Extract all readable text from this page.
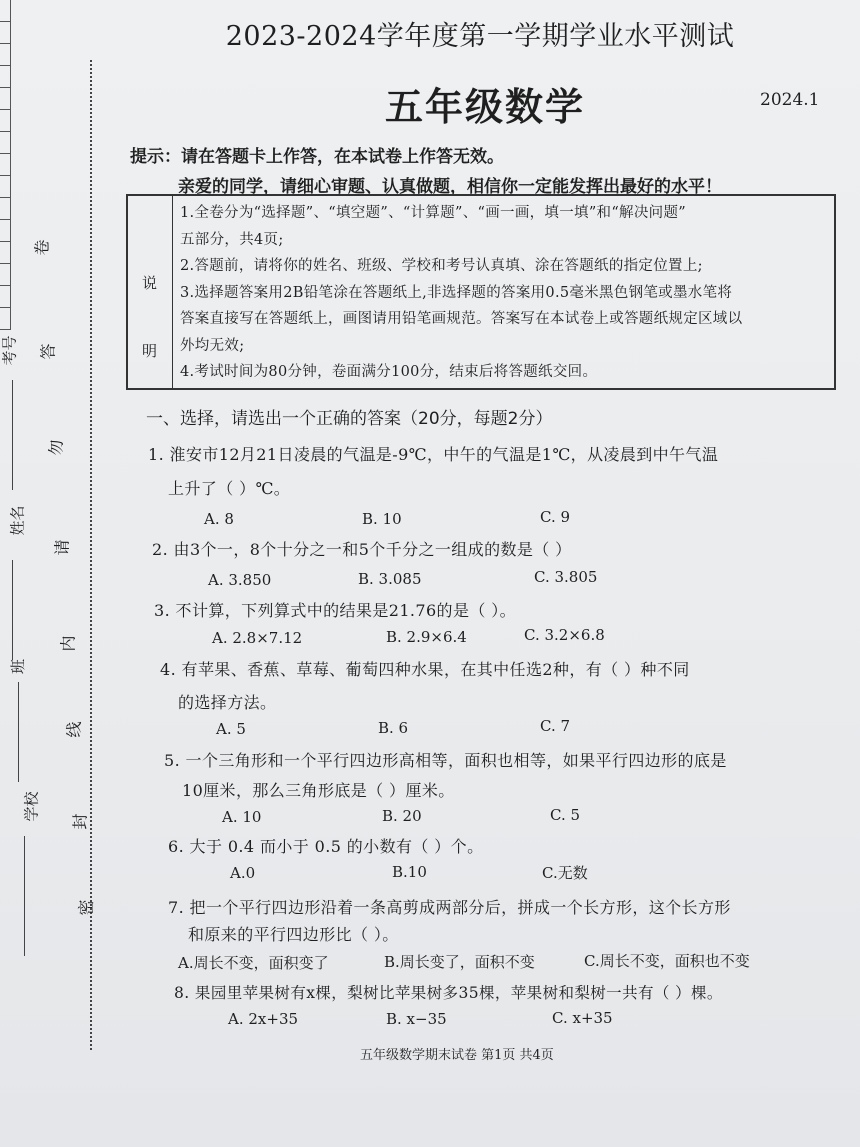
考号
姓名
班
学校
卷
答
勿
请
内
线
封
密
2023-2024学年度第一学期学业水平测试
五年级数学	2024.1
提示：请在答题卡上作答，在本试卷上作答无效。
亲爱的同学，请细心审题、认真做题，相信你一定能发挥出最好的水平！
说
明
1.全卷分为“选择题”、“填空题”、“计算题”、“画一画，填一填”和“解决问题”
五部分，共4页;
2.答题前，请将你的姓名、班级、学校和考号认真填、涂在答题纸的指定位置上;
3.选择题答案用2B铅笔涂在答题纸上,非选择题的答案用0.5毫米黑色钢笔或墨水笔将
答案直接写在答题纸上，画图请用铅笔画规范。答案写在本试卷上或答题纸规定区域以
外均无效;
4.考试时间为80分钟，卷面满分100分，结束后将答题纸交回。
一、选择，请选出一个正确的答案（20分，每题2分）
1. 淮安市12月21日凌晨的气温是-9℃，中午的气温是1℃，从凌晨到中午气温
上升了（ ）℃。
A. 8	B. 10	C. 9
2. 由3个一，8个十分之一和5个千分之一组成的数是（ ）
A. 3.850	B. 3.085	C. 3.805
3. 不计算，下列算式中的结果是21.76的是（ ）。
A. 2.8×7.12	B. 2.9×6.4	C. 3.2×6.8
4. 有苹果、香蕉、草莓、葡萄四种水果，在其中任选2种，有（ ）种不同
的选择方法。
A. 5	B. 6	C. 7
5. 一个三角形和一个平行四边形高相等，面积也相等，如果平行四边形的底是
10厘米，那么三角形底是（ ）厘米。
A. 10	B. 20	C. 5
6. 大于 0.4 而小于 0.5 的小数有（ ）个。
A.0	B.10	C.无数
7. 把一个平行四边形沿着一条高剪成两部分后，拼成一个长方形，这个长方形
和原来的平行四边形比（ ）。
A.周长不变，面积变了	B.周长变了，面积不变	C.周长不变，面积也不变
8. 果园里苹果树有x棵，梨树比苹果树多35棵，苹果树和梨树一共有（ ）棵。
A. 2x+35	B. x−35	C. x+35
五年级数学期末试卷 第1页 共4页
